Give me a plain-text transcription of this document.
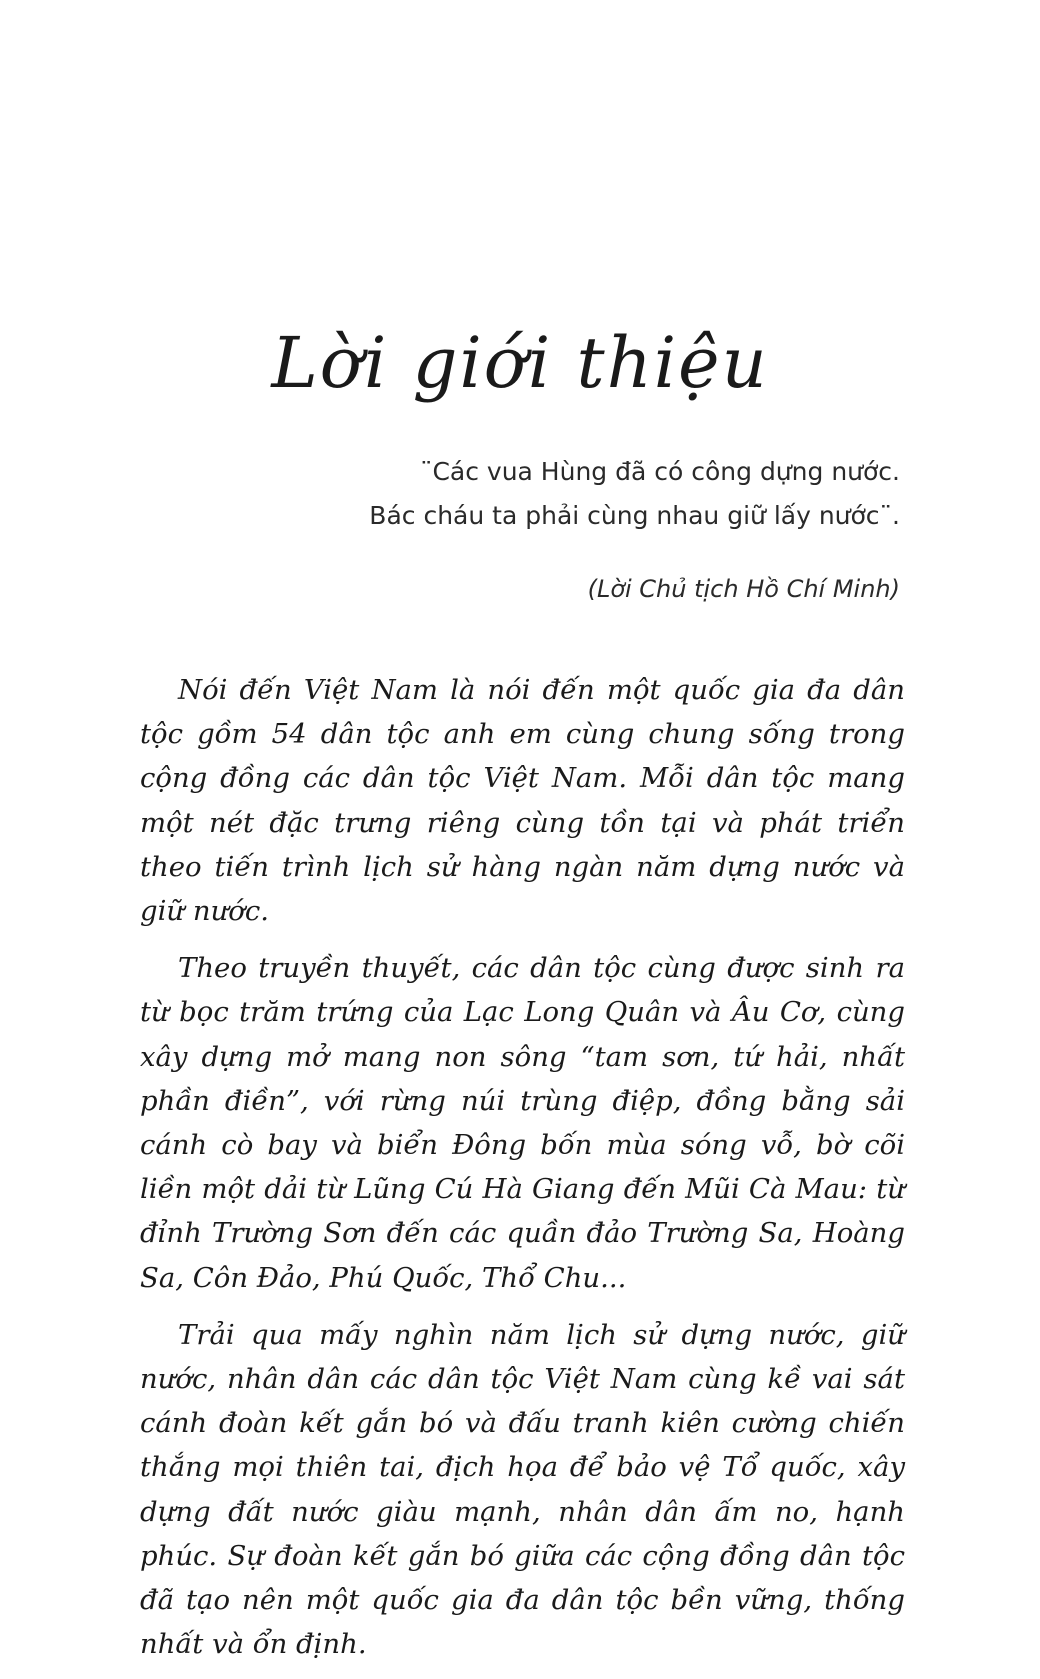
Lời giới thiệu
¨Các vua Hùng đã có công dựng nước.
Bác cháu ta phải cùng nhau giữ lấy nước¨.
(Lời Chủ tịch Hồ Chí Minh)

Nói đến Việt Nam là nói đến một quốc gia đa dân tộc gồm 54 dân tộc anh em cùng chung sống trong cộng đồng các dân tộc Việt Nam. Mỗi dân tộc mang một nét đặc trưng riêng cùng tồn tại và phát triển theo tiến trình lịch sử hàng ngàn năm dựng nước và giữ nước.

Theo truyền thuyết, các dân tộc cùng được sinh ra từ bọc trăm trứng của Lạc Long Quân và Âu Cơ, cùng xây dựng mở mang non sông “tam sơn, tứ hải, nhất phần điền”, với rừng núi trùng điệp, đồng bằng sải cánh cò bay và biển Đông bốn mùa sóng vỗ, bờ cõi liền một dải từ Lũng Cú Hà Giang đến Mũi Cà Mau: từ đỉnh Trường Sơn đến các quần đảo Trường Sa, Hoàng Sa, Côn Đảo, Phú Quốc, Thổ Chu...

Trải qua mấy nghìn năm lịch sử dựng nước, giữ nước, nhân dân các dân tộc Việt Nam cùng kề vai sát cánh đoàn kết gắn bó và đấu tranh kiên cường chiến thắng mọi thiên tai, địch họa để bảo vệ Tổ quốc, xây dựng đất nước giàu mạnh, nhân dân ấm no, hạnh phúc. Sự đoàn kết gắn bó giữa các cộng đồng dân tộc đã tạo nên một quốc gia đa dân tộc bền vững, thống nhất và ổn định.
